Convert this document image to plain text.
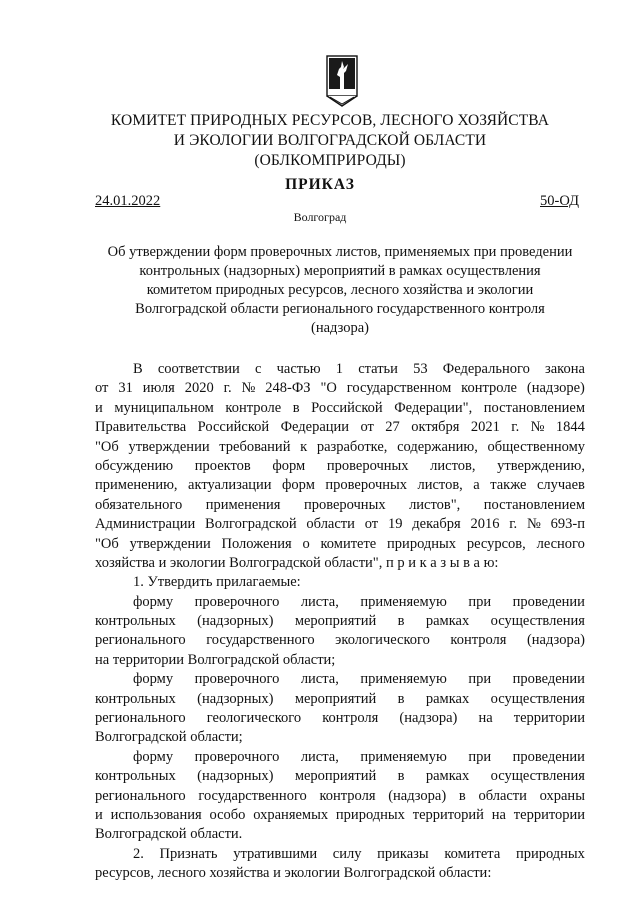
КОМИТЕТ ПРИРОДНЫХ РЕСУРСОВ, ЛЕСНОГО ХОЗЯЙСТВА
И ЭКОЛОГИИ ВОЛГОГРАДСКОЙ ОБЛАСТИ
(ОБЛКОМПРИРОДЫ)
ПРИКАЗ
24.01.2022	50-ОД
Волгоград
Об утверждении форм проверочных листов, применяемых при проведении
контрольных (надзорных) мероприятий в рамках осуществления
комитетом природных ресурсов, лесного хозяйства и экологии
Волгоградской области регионального государственного контроля
(надзора)
В соответствии с частью 1 статьи 53 Федерального закона
от 31 июля 2020 г. № 248-ФЗ "О государственном контроле (надзоре)
и муниципальном контроле в Российской Федерации", постановлением
Правительства Российской Федерации от 27 октября 2021 г. № 1844
"Об утверждении требований к разработке, содержанию, общественному
обсуждению проектов форм проверочных листов, утверждению,
применению, актуализации форм проверочных листов, а также случаев
обязательного применения проверочных листов", постановлением
Администрации Волгоградской области от 19 декабря 2016 г. № 693-п
"Об утверждении Положения о комитете природных ресурсов, лесного
хозяйства и экологии Волгоградской области", п р и к а з ы в а ю:
1. Утвердить прилагаемые:
форму проверочного листа, применяемую при проведении
контрольных (надзорных) мероприятий в рамках осуществления
регионального государственного экологического контроля (надзора)
на территории Волгоградской области;
форму проверочного листа, применяемую при проведении
контрольных (надзорных) мероприятий в рамках осуществления
регионального геологического контроля (надзора) на территории
Волгоградской области;
форму проверочного листа, применяемую при проведении
контрольных (надзорных) мероприятий в рамках осуществления
регионального государственного контроля (надзора) в области охраны
и использования особо охраняемых природных территорий на территории
Волгоградской области.
2. Признать утратившими силу приказы комитета природных
ресурсов, лесного хозяйства и экологии Волгоградской области:
